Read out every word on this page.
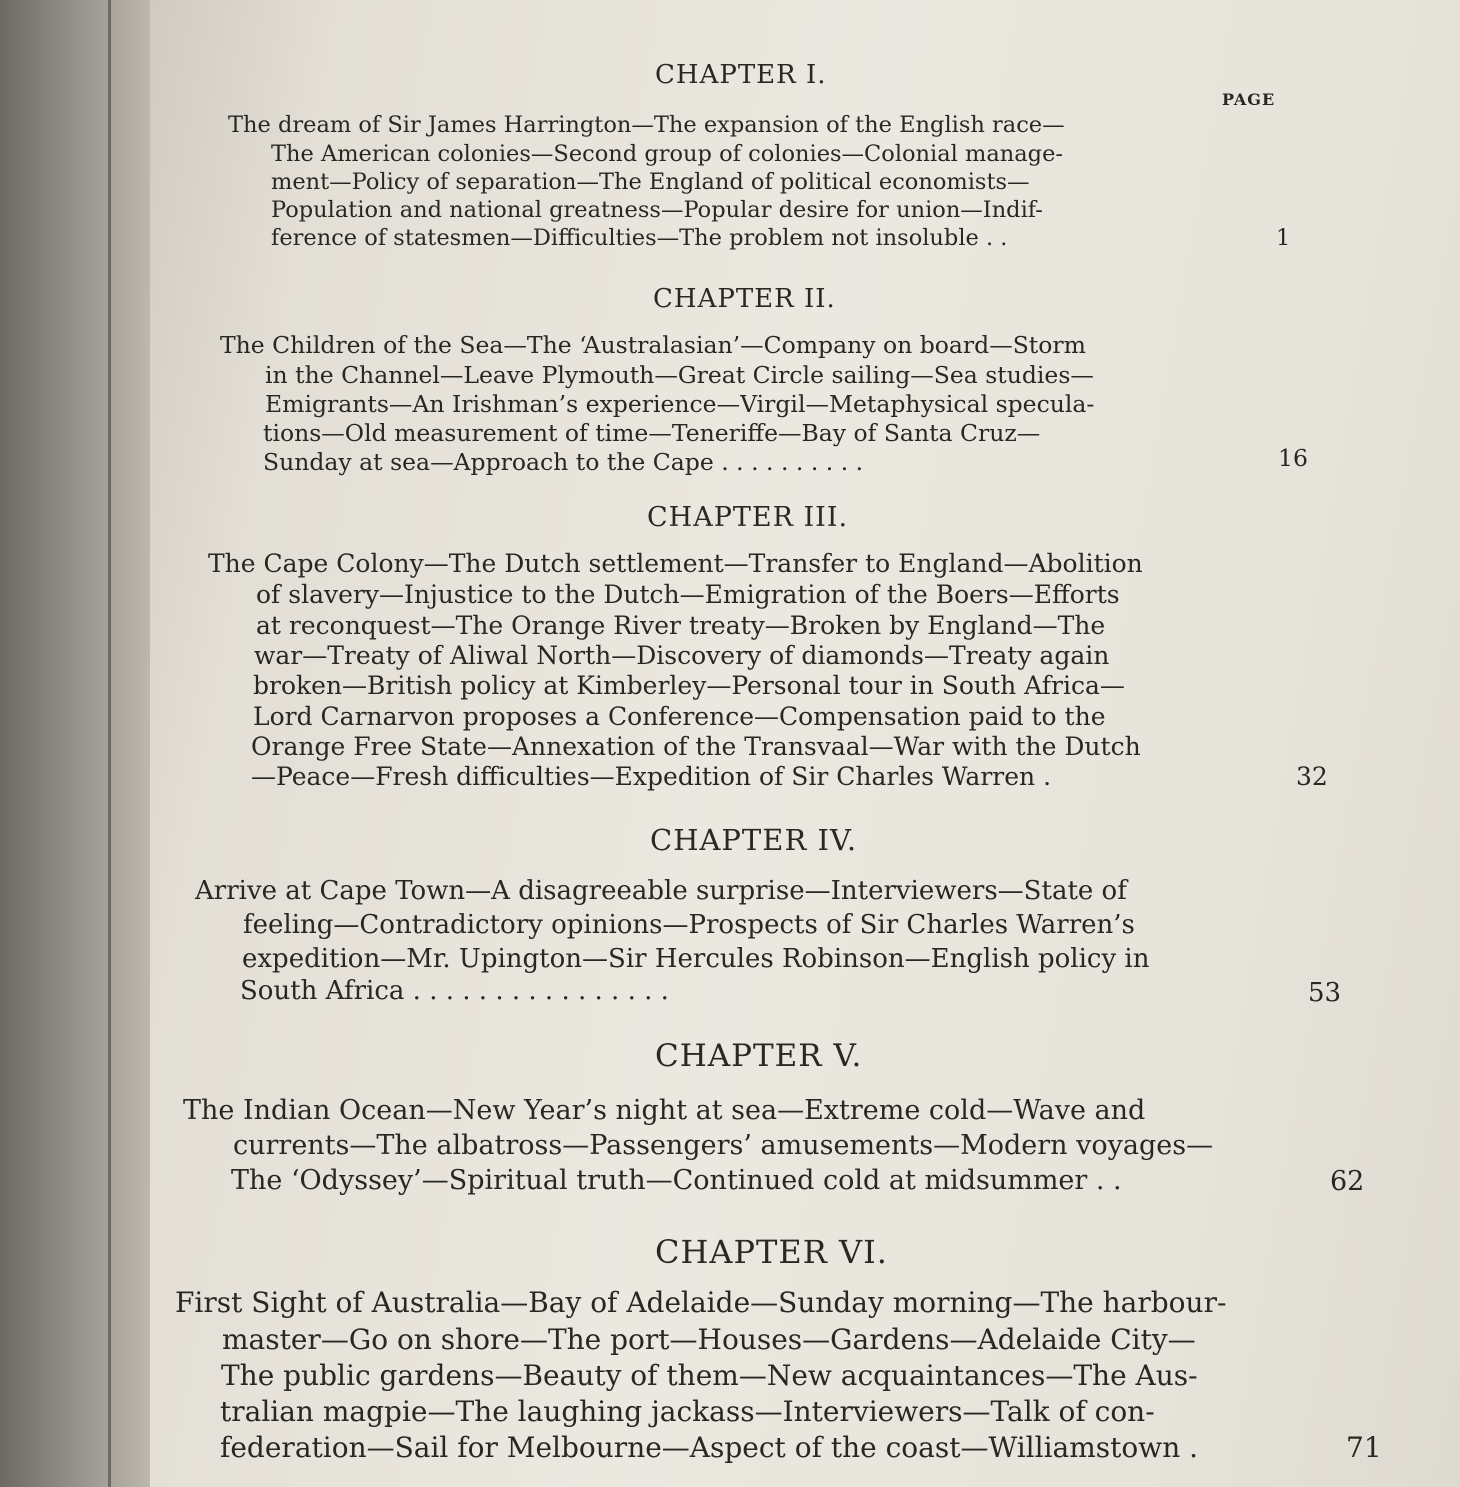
PAGE
CHAPTER I.
The dream of Sir James Harrington—The expansion of the English race—
The American colonies—Second group of colonies—Colonial manage-
ment—Policy of separation—The England of political economists—
Population and national greatness—Popular desire for union—Indif-
ference of statesmen—Difficulties—The problem not insoluble . .	1
CHAPTER II.
The Children of the Sea—The ‘Australasian’—Company on board—Storm
in the Channel—Leave Plymouth—Great Circle sailing—Sea studies—
Emigrants—An Irishman’s experience—Virgil—Metaphysical specula-
tions—Old measurement of time—Teneriffe—Bay of Santa Cruz—
Sunday at sea—Approach to the Cape . . . . . . . . . .	16
CHAPTER III.
The Cape Colony—The Dutch settlement—Transfer to England—Abolition
of slavery—Injustice to the Dutch—Emigration of the Boers—Efforts
at reconquest—The Orange River treaty—Broken by England—The
war—Treaty of Aliwal North—Discovery of diamonds—Treaty again
broken—British policy at Kimberley—Personal tour in South Africa—
Lord Carnarvon proposes a Conference—Compensation paid to the
Orange Free State—Annexation of the Transvaal—War with the Dutch
—Peace—Fresh difficulties—Expedition of Sir Charles Warren .	32
CHAPTER IV.
Arrive at Cape Town—A disagreeable surprise—Interviewers—State of
feeling—Contradictory opinions—Prospects of Sir Charles Warren’s
expedition—Mr. Upington—Sir Hercules Robinson—English policy in
South Africa . . . . . . . . . . . . . . . .	53
CHAPTER V.
The Indian Ocean—New Year’s night at sea—Extreme cold—Wave and
currents—The albatross—Passengers’ amusements—Modern voyages—
The ‘Odyssey’—Spiritual truth—Continued cold at midsummer . .	62
CHAPTER VI.
First Sight of Australia—Bay of Adelaide—Sunday morning—The harbour-
master—Go on shore—The port—Houses—Gardens—Adelaide City—
The public gardens—Beauty of them—New acquaintances—The Aus-
tralian magpie—The laughing jackass—Interviewers—Talk of con-
federation—Sail for Melbourne—Aspect of the coast—Williamstown .	71
